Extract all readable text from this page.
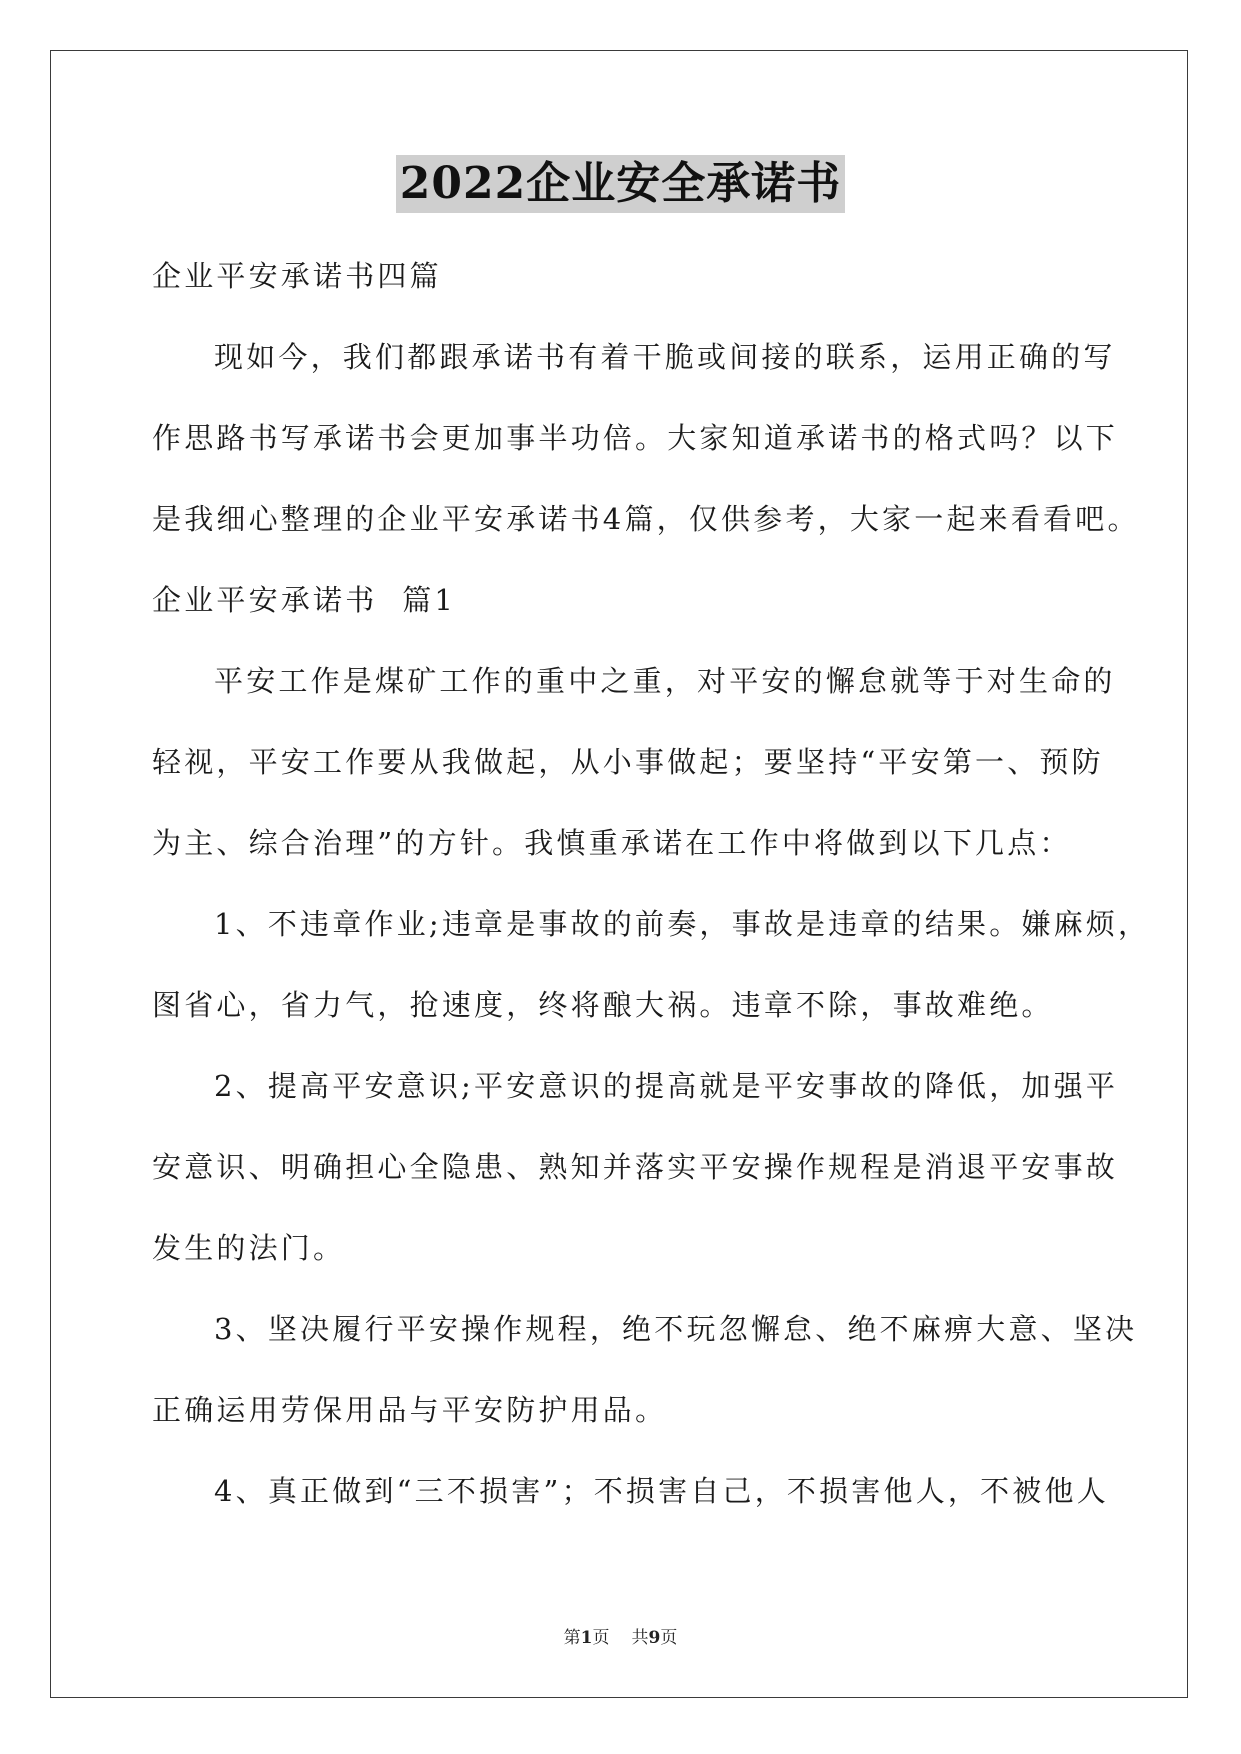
2022企业安全承诺书
企业平安承诺书四篇
现如今，我们都跟承诺书有着干脆或间接的联系，运用正确的写
作思路书写承诺书会更加事半功倍。大家知道承诺书的格式吗？以下
是我细心整理的企业平安承诺书4篇，仅供参考，大家一起来看看吧。
企业平安承诺书  篇1
平安工作是煤矿工作的重中之重，对平安的懈怠就等于对生命的
轻视，平安工作要从我做起，从小事做起；要坚持“平安第一、预防
为主、综合治理”的方针。我慎重承诺在工作中将做到以下几点：
1、不违章作业;违章是事故的前奏，事故是违章的结果。嫌麻烦，
图省心，省力气，抢速度，终将酿大祸。违章不除，事故难绝。
2、提高平安意识;平安意识的提高就是平安事故的降低，加强平
安意识、明确担心全隐患、熟知并落实平安操作规程是消退平安事故
发生的法门。
3、坚决履行平安操作规程，绝不玩忽懈怠、绝不麻痹大意、坚决
正确运用劳保用品与平安防护用品。
4、真正做到“三不损害”；不损害自己，不损害他人，不被他人
第1页 共9页
